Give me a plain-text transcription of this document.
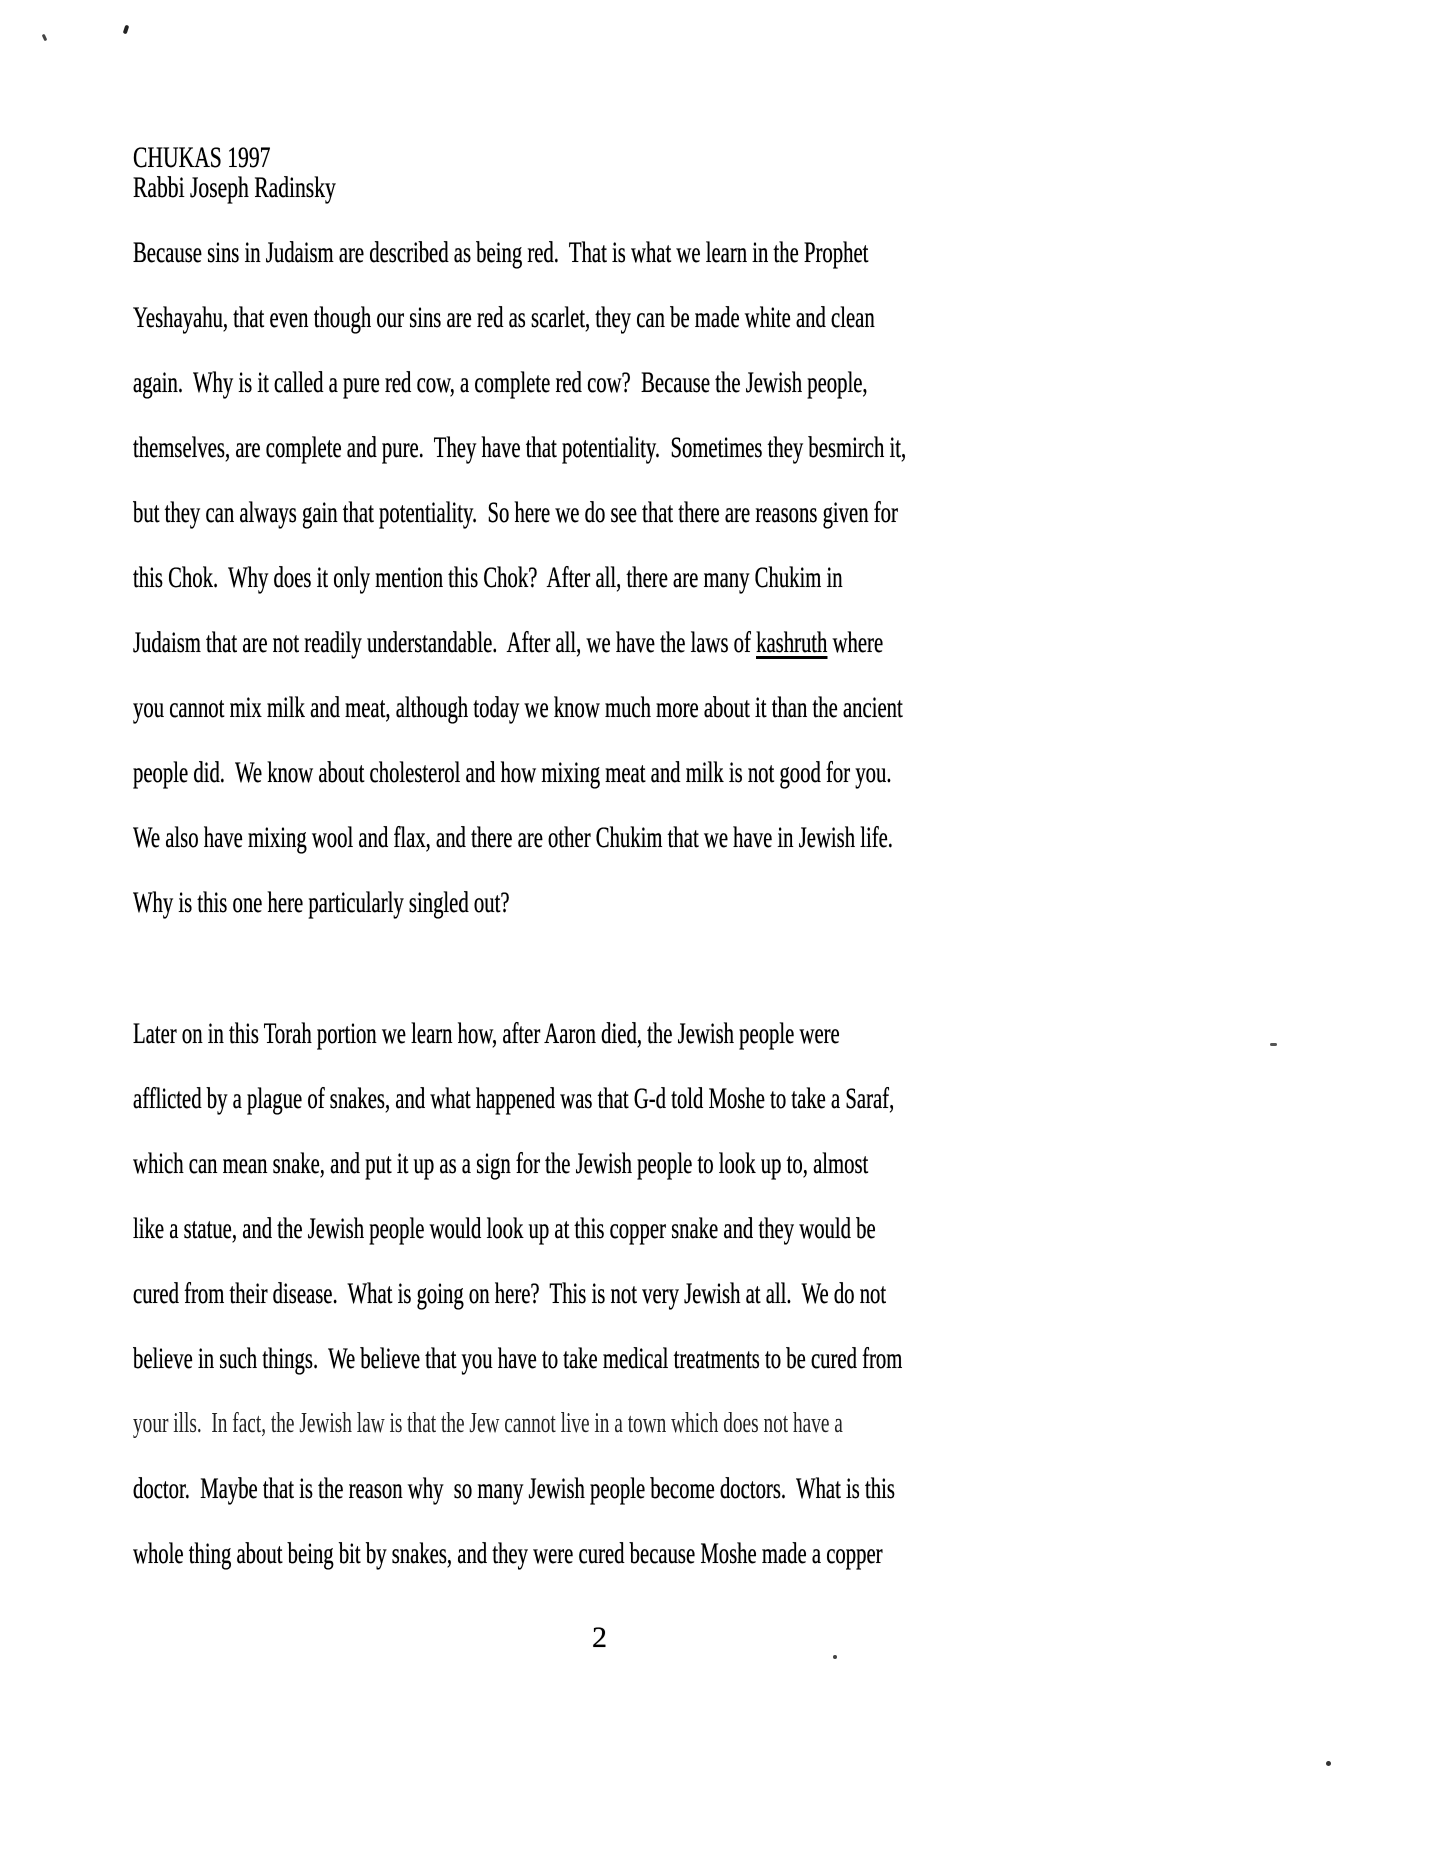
CHUKAS 1997
Rabbi Joseph Radinsky
Because sins in Judaism are described as being red.  That is what we learn in the Prophet
Yeshayahu, that even though our sins are red as scarlet, they can be made white and clean
again.  Why is it called a pure red cow, a complete red cow?  Because the Jewish people,
themselves, are complete and pure.  They have that potentiality.  Sometimes they besmirch it,
but they can always gain that potentiality.  So here we do see that there are reasons given for
this Chok.  Why does it only mention this Chok?  After all, there are many Chukim in
Judaism that are not readily understandable.  After all, we have the laws of kashruth where
you cannot mix milk and meat, although today we know much more about it than the ancient
people did.  We know about cholesterol and how mixing meat and milk is not good for you.
We also have mixing wool and flax, and there are other Chukim that we have in Jewish life.
Why is this one here particularly singled out?
Later on in this Torah portion we learn how, after Aaron died, the Jewish people were
afflicted by a plague of snakes, and what happened was that G-d told Moshe to take a Saraf,
which can mean snake, and put it up as a sign for the Jewish people to look up to, almost
like a statue, and the Jewish people would look up at this copper snake and they would be
cured from their disease.  What is going on here?  This is not very Jewish at all.  We do not
believe in such things.  We believe that you have to take medical treatments to be cured from
your ills.  In fact, the Jewish law is that the Jew cannot live in a town which does not have a
doctor.  Maybe that is the reason why  so many Jewish people become doctors.  What is this
whole thing about being bit by snakes, and they were cured because Moshe made a copper
2
